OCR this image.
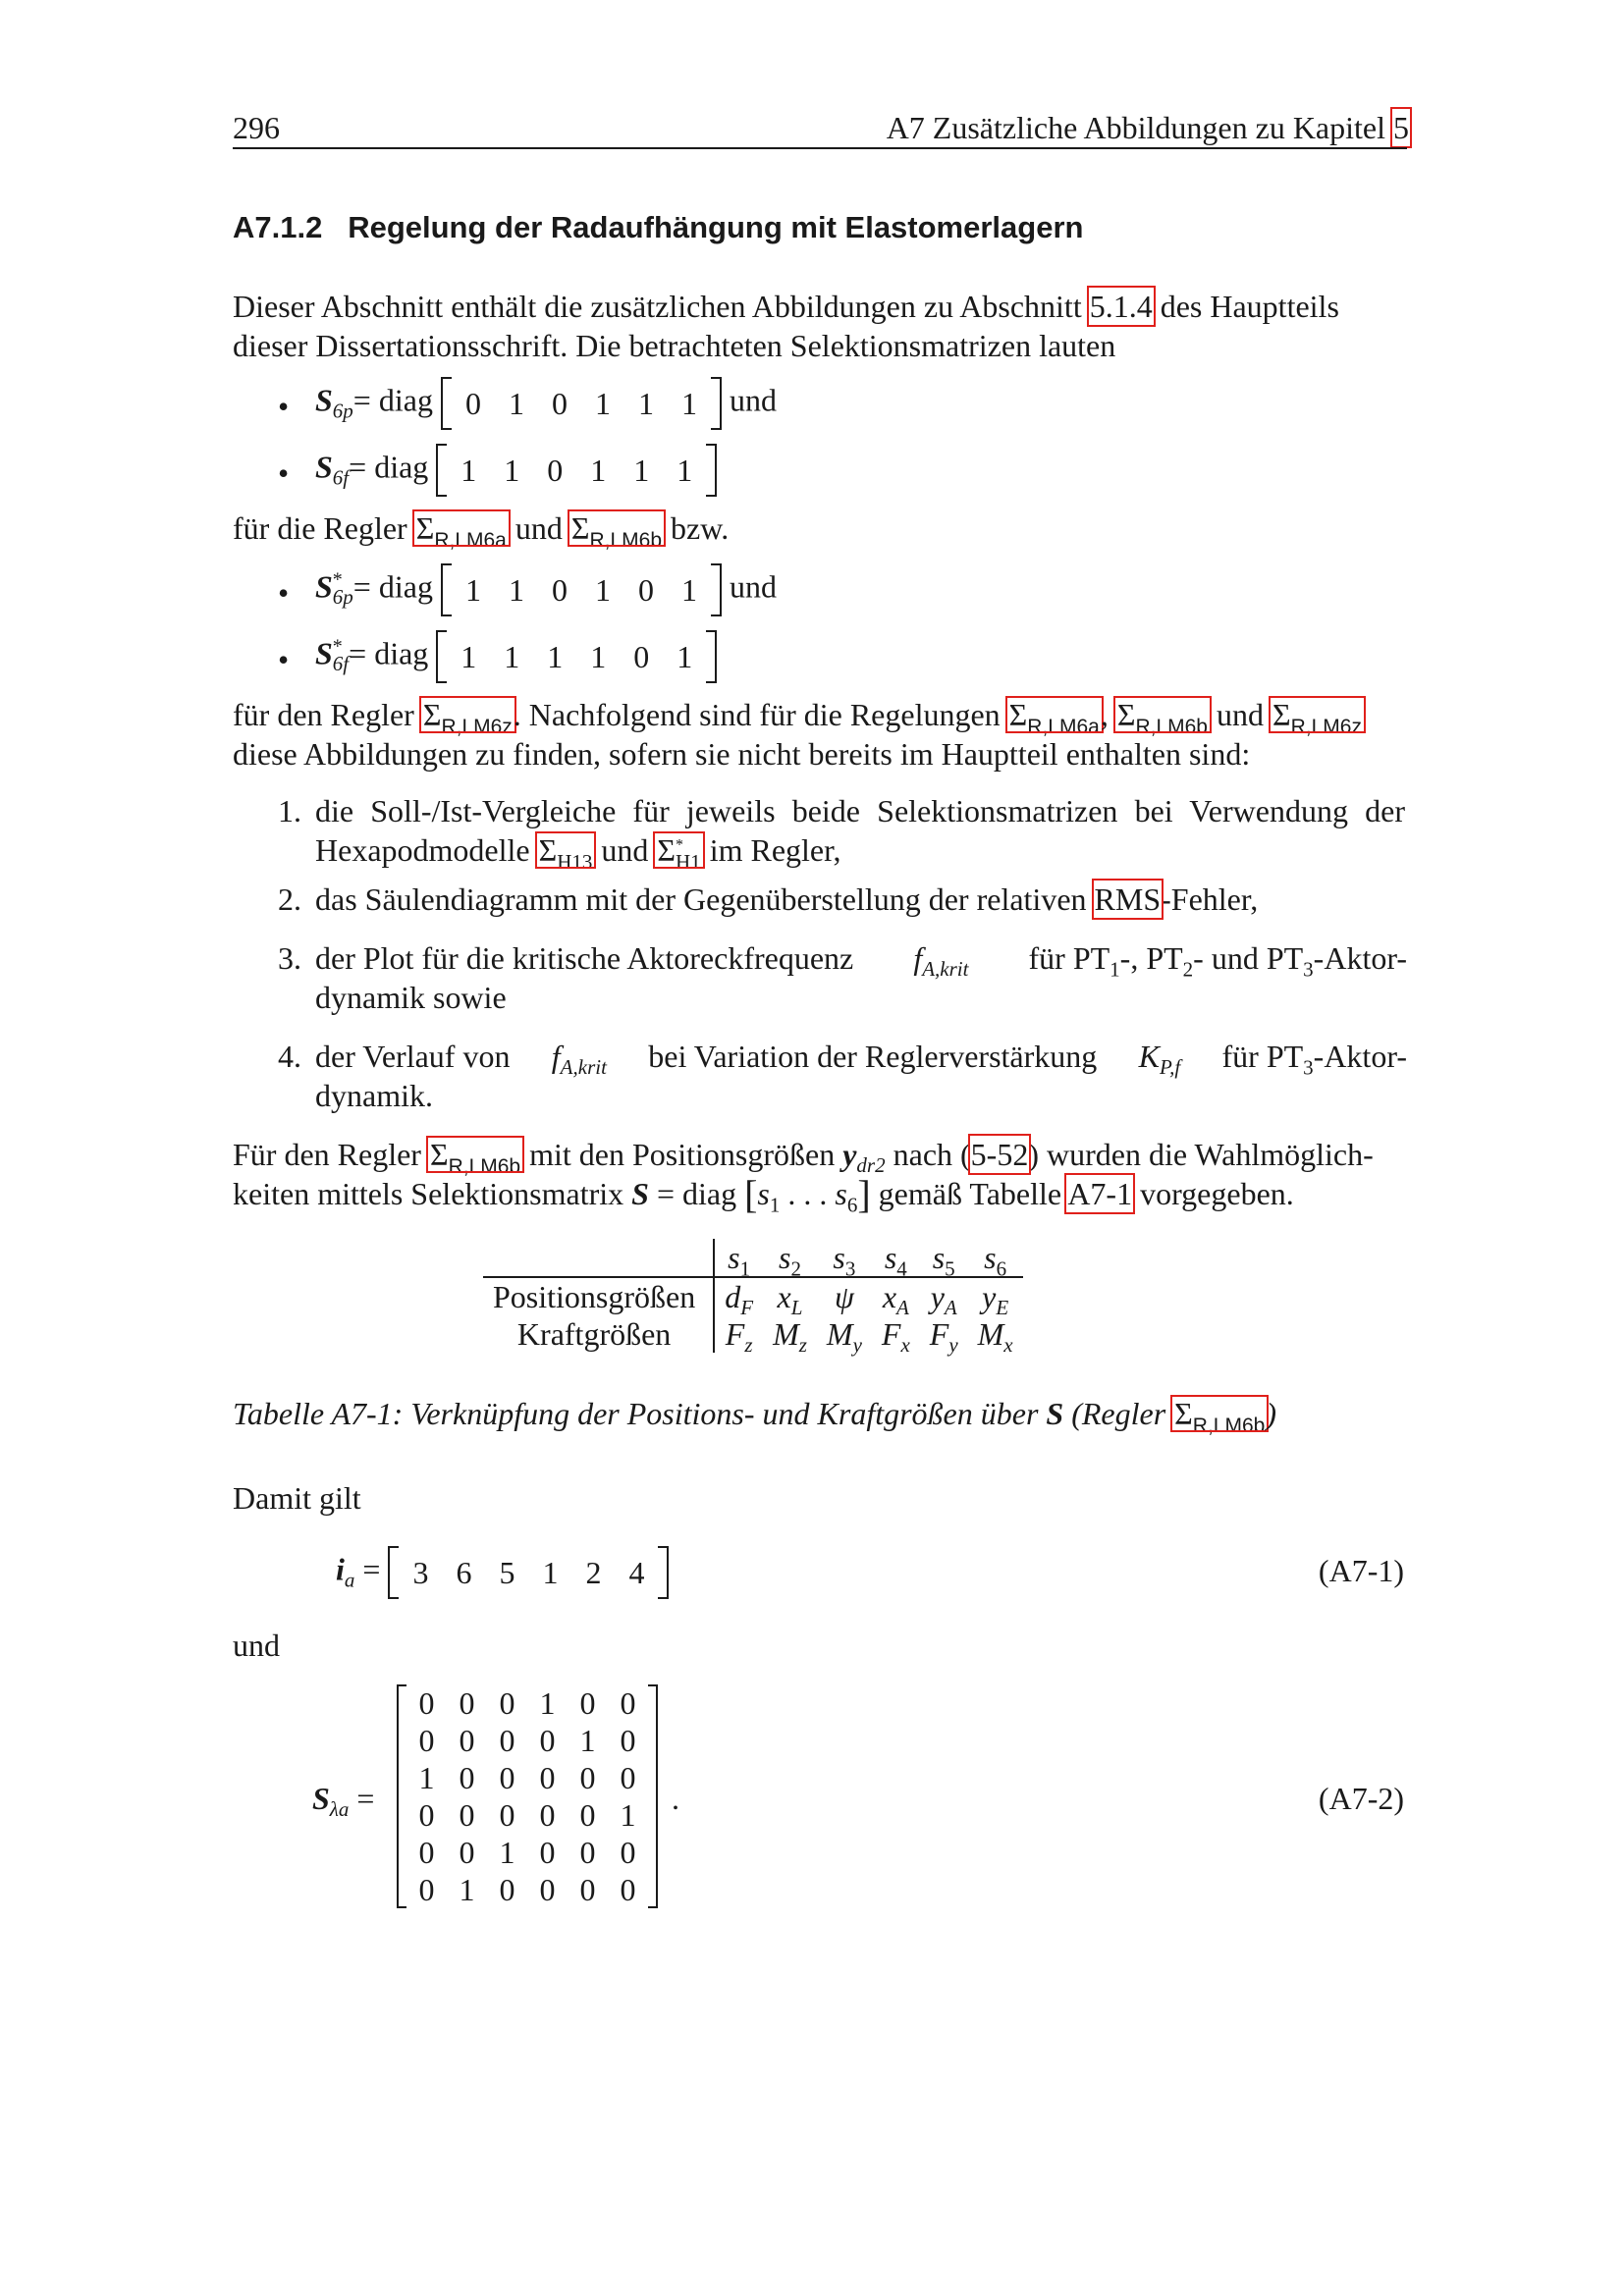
296	A7 Zusätzliche Abbildungen zu Kapitel 5
A7.1.2 Regelung der Radaufhängung mit Elastomerlagern
Dieser Abschnitt enthält die zusätzlichen Abbildungen zu Abschnitt 5.1.4 des Hauptteils
dieser Dissertationsschrift. Die betrachteten Selektionsmatrizen lauten
• $S_{6p}=$ diag 0 1 0 1 1 1 und
• $S_{6f}=$ diag 1 1 0 1 1 1
für die Regler $\Sigma_{R,LM6a}$ und $\Sigma_{R,LM6b}$ bzw.
• $S^*_{6p}=$ diag 1 1 0 1 0 1 und
• $S^*_{6f}=$ diag 1 1 1 1 0 1
für den Regler $\Sigma_{R,LM6z}$. Nachfolgend sind für die Regelungen $\Sigma_{R,LM6a}$, $\Sigma_{R,LM6b}$ und $\Sigma_{R,LM6z}$
diese Abbildungen zu finden, sofern sie nicht bereits im Hauptteil enthalten sind:
1. die Soll-/Ist-Vergleiche für jeweils beide Selektionsmatrizen bei Verwendung der
Hexapodmodelle $\Sigma_{H13}$ und $\Sigma^*_{H1}$ im Regler,
2. das Säulendiagramm mit der Gegenüberstellung der relativen RMS-Fehler,
3. der Plot für die kritische Aktoreckfrequenz $f_{A,krit}$ für $PT_1-$, $PT_2-$ und $PT_3-Aktor-$
dynamik sowie
4. der Verlauf von $f_{A,krit}$ bei Variation der Reglerverstärkung $K_{P,f}$ für $PT_3-Aktor-$
dynamik.
Für den Regler $\Sigma_{R,LM6b}$ mit den Positionsgrößen $y_{dr2}$ nach (5-52) wurden die Wahlmöglich-
keiten mittels Selektionsmatrix S = diag [$s_1$ . . . $s_6$] gemäß Tabelle A7-1 vorgegeben.
	$s_1$	$s_2$	$s_3$	$s_4$	$s_5$	$s_6$
Positionsgrößen	$d_F$	$x_L$	ψ	$x_A$	$y_A$	$y_E$
Kraftgrößen	$F_z$	$M_z$	$M_y$	$F_x$	$F_y$	$M_x$
Tabelle A7-1: Verknüpfung der Positions- und Kraftgrößen über S (Regler $\Sigma_{R,LM6b}$)
Damit gilt
$i_a = 3$ 6 5 1 2 4	(A7-1)
und
$S_{\lambda a}$ =
0 0 0 1 0 0
0 0 0 0 1 0
1 0 0 0 0 0
0 0 0 0 0 1
0 0 1 0 0 0
0 1 0 0 0 0
.	(A7-2)
